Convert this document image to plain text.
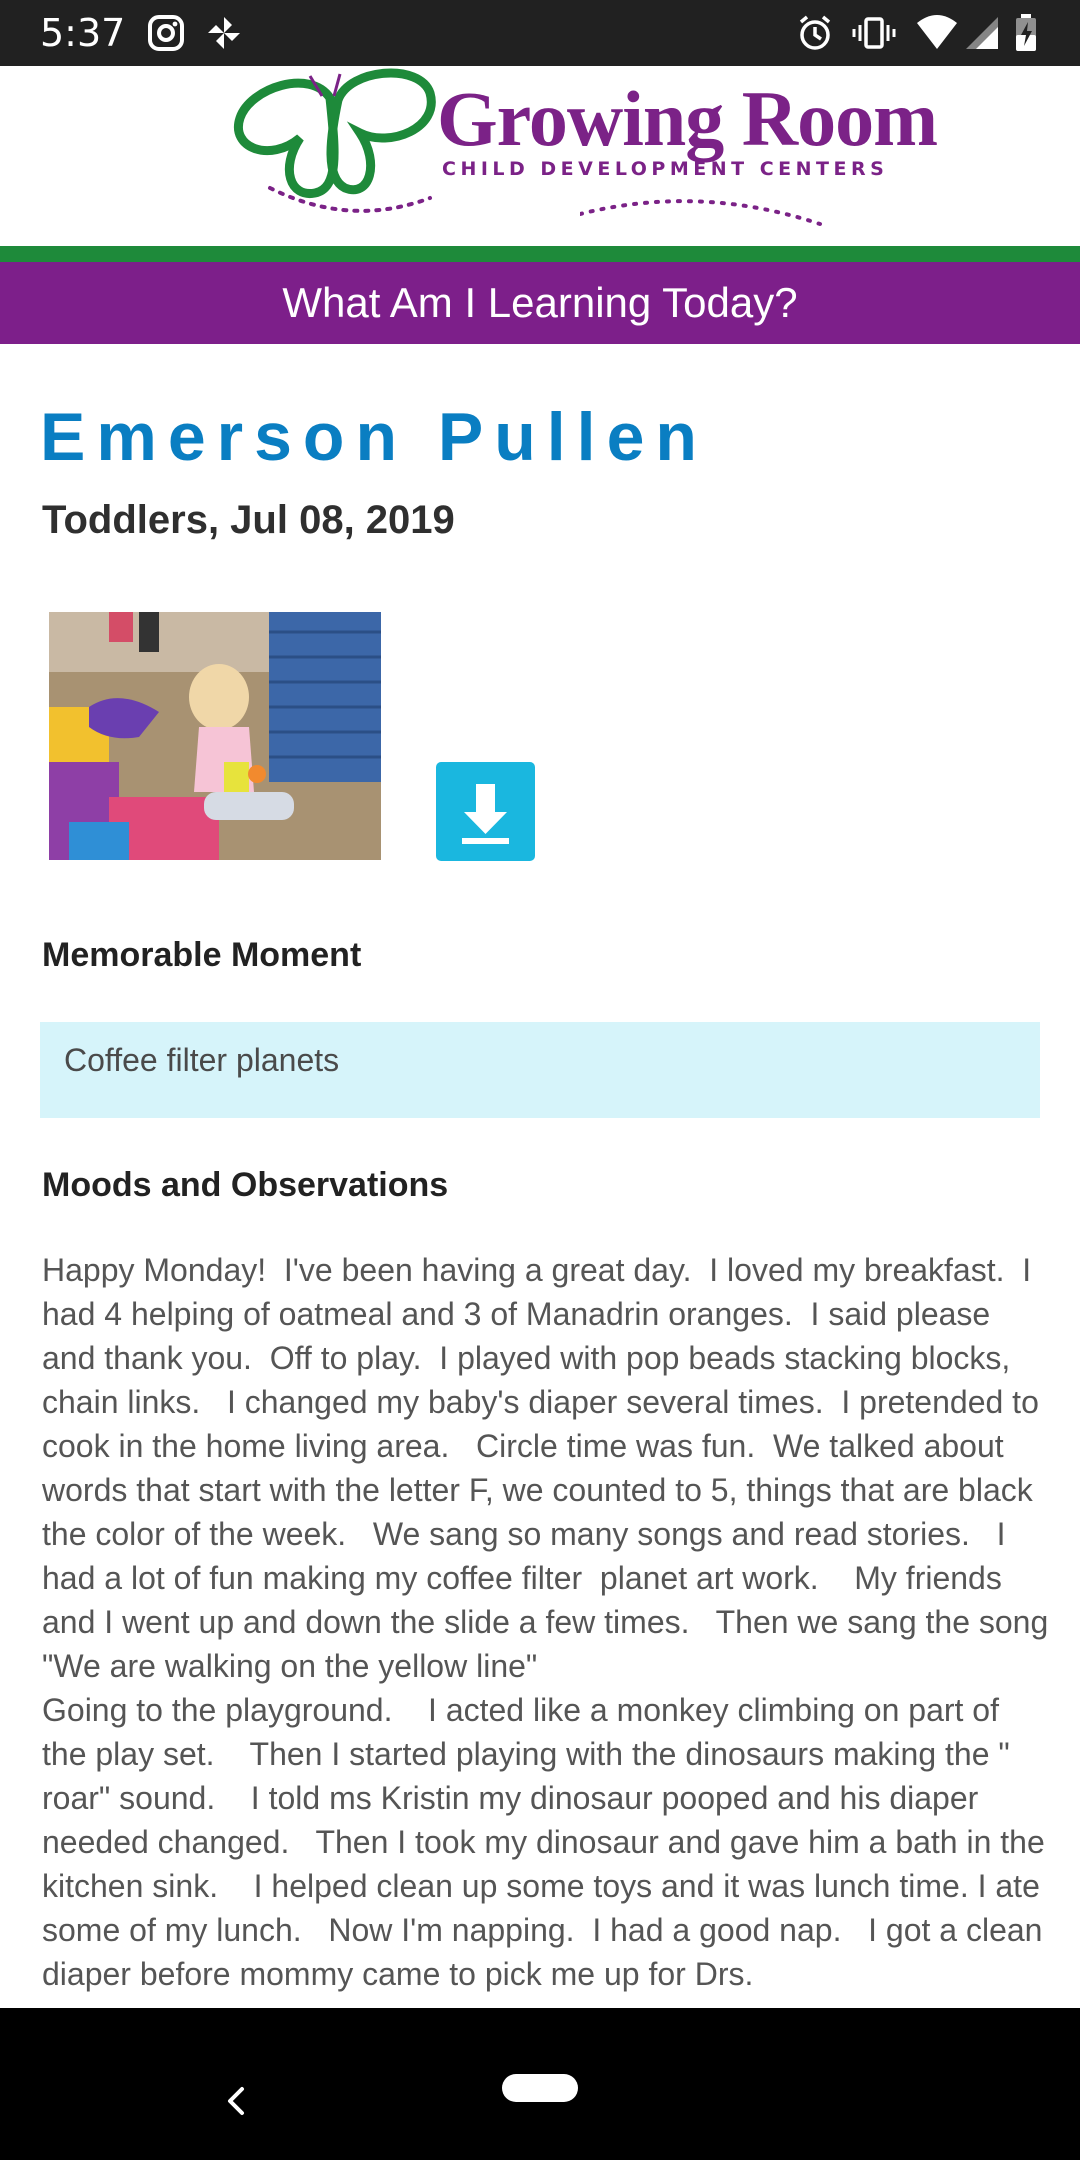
5:37
Growing Room
CHILD DEVELOPMENT CENTERS
What Am I Learning Today?
Emerson Pullen
Toddlers, Jul 08, 2019
Memorable Moment
Coffee filter planets
Moods and Observations
Happy Monday!  I've been having a great day.  I loved my breakfast.  I had 4 helping of oatmeal and 3 of Manadrin oranges.  I said please and thank you.  Off to play.  I played with pop beads stacking blocks, chain links.   I changed my baby's diaper several times.  I pretended to cook in the home living area.   Circle time was fun.  We talked about words that start with the letter F, we counted to 5, things that are black the color of the week.   We sang so many songs and read stories.   I had a lot of fun making my coffee filter  planet art work.    My friends and I went up and down the slide a few times.   Then we sang the song "We are walking on the yellow line"
Going to the playground.    I acted like a monkey climbing on part of the play set.    Then I started playing with the dinosaurs making the " roar" sound.    I told ms Kristin my dinosaur pooped and his diaper needed changed.   Then I took my dinosaur and gave him a bath in the kitchen sink.    I helped clean up some toys and it was lunch time. I ate some of my lunch.   Now I'm napping.  I had a good nap.   I got a clean diaper before mommy came to pick me up for Drs.
